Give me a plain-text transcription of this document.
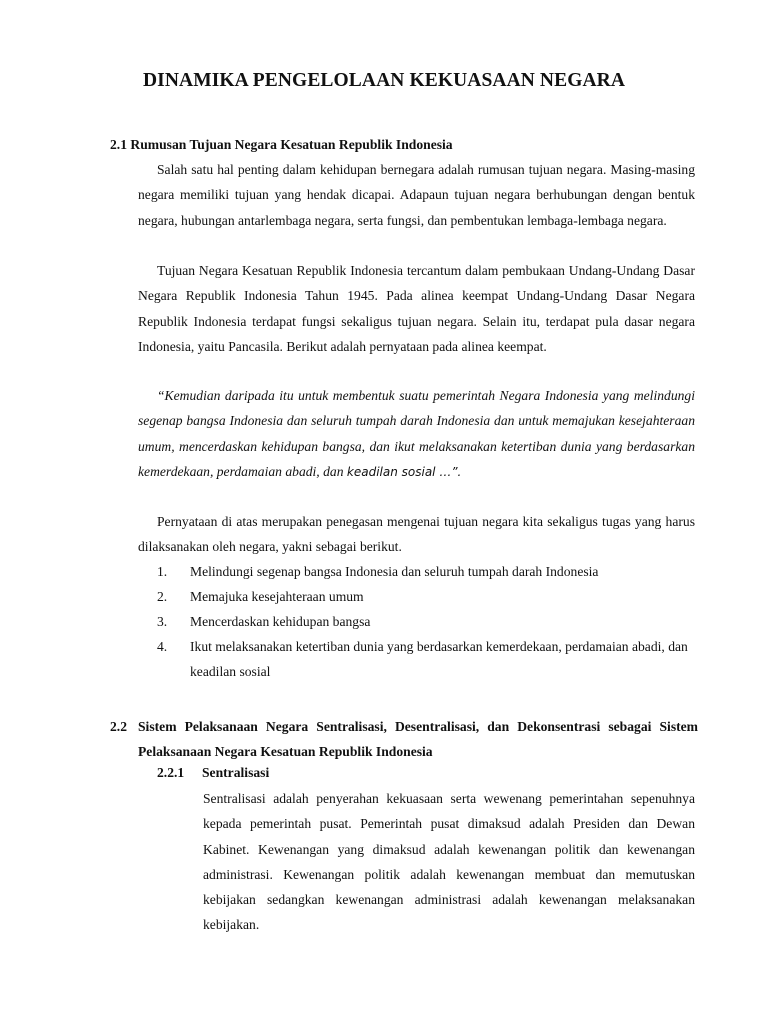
DINAMIKA PENGELOLAAN KEKUASAAN NEGARA
2.1 Rumusan Tujuan Negara Kesatuan Republik Indonesia
Salah satu hal penting dalam kehidupan bernegara adalah rumusan tujuan negara. Masing-masing negara memiliki tujuan yang hendak dicapai. Adapaun tujuan negara berhubungan dengan bentuk negara, hubungan antarlembaga negara, serta fungsi, dan pembentukan lembaga-lembaga negara.
Tujuan Negara Kesatuan Republik Indonesia tercantum dalam pembukaan Undang-Undang Dasar Negara Republik Indonesia Tahun 1945. Pada alinea keempat Undang-Undang Dasar Negara Republik Indonesia terdapat fungsi sekaligus tujuan negara. Selain itu, terdapat pula dasar negara Indonesia, yaitu Pancasila. Berikut adalah pernyataan pada alinea keempat.
“Kemudian daripada itu untuk membentuk suatu pemerintah Negara Indonesia yang melindungi segenap bangsa Indonesia dan seluruh tumpah darah Indonesia dan untuk memajukan kesejahteraan umum, mencerdaskan kehidupan bangsa, dan ikut melaksanakan ketertiban dunia yang berdasarkan kemerdekaan, perdamaian abadi, dan keadilan sosial …”.
Pernyataan di atas merupakan penegasan mengenai tujuan negara kita sekaligus tugas yang harus dilaksanakan oleh negara, yakni sebagai berikut.
1. Melindungi segenap bangsa Indonesia dan seluruh tumpah darah Indonesia
2. Memajuka kesejahteraan umum
3. Mencerdaskan kehidupan bangsa
4. Ikut melaksanakan ketertiban dunia yang berdasarkan kemerdekaan, perdamaian abadi, dan keadilan sosial
2.2 Sistem Pelaksanaan Negara Sentralisasi, Desentralisasi, dan Dekonsentrasi sebagai Sistem Pelaksanaan Negara Kesatuan Republik Indonesia
2.2.1 Sentralisasi
Sentralisasi adalah penyerahan kekuasaan serta wewenang pemerintahan sepenuhnya kepada pemerintah pusat. Pemerintah pusat dimaksud adalah Presiden dan Dewan Kabinet. Kewenangan yang dimaksud adalah kewenangan politik dan kewenangan administrasi. Kewenangan politik adalah kewenangan membuat dan memutuskan kebijakan sedangkan kewenangan administrasi adalah kewenangan melaksanakan kebijakan.
